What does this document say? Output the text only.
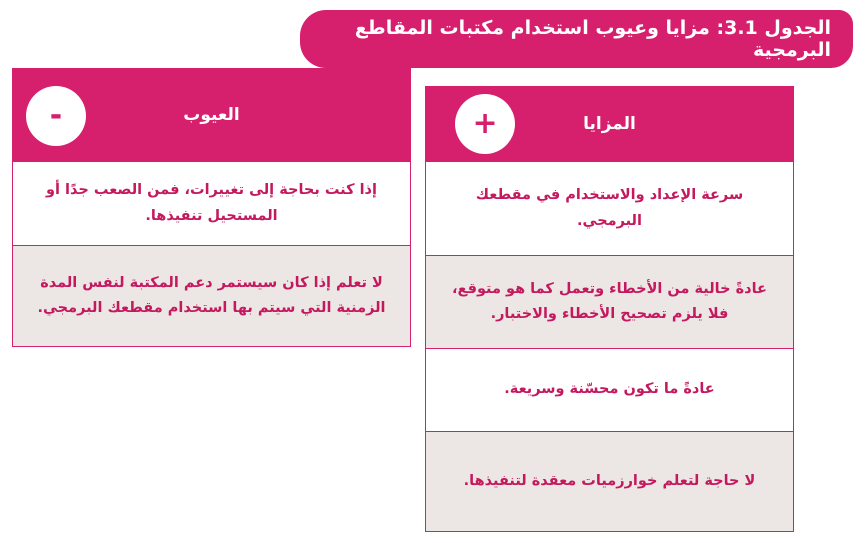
الجدول 3.1: مزايا وعيوب استخدام مكتبات المقاطع البرمجية
المزايا
+
سرعة الإعداد والاستخدام في مقطعك البرمجي.
عادةً خالية من الأخطاء وتعمل كما هو متوقع، فلا يلزم تصحيح الأخطاء والاختبار.
عادةً ما تكون محسّنة وسريعة.
لا حاجة لتعلم خوارزميات معقدة لتنفيذها.
العيوب
-
إذا كنت بحاجة إلى تغييرات، فمن الصعب جدًا أو المستحيل تنفيذها.
لا تعلم إذا كان سيستمر دعم المكتبة لنفس المدة الزمنية التي سيتم بها استخدام مقطعك البرمجي.
